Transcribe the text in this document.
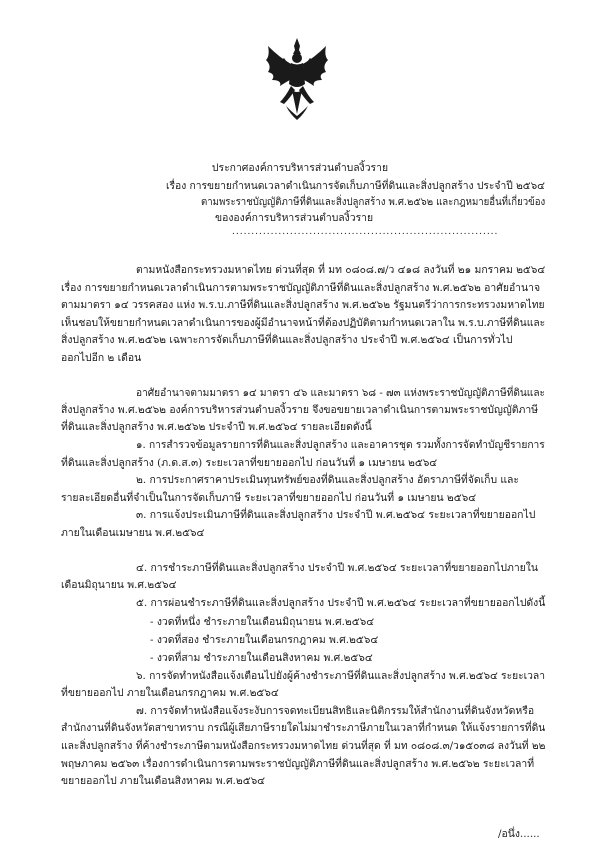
ประกาศองค์การบริหารส่วนตำบลงิ้วราย
เรื่อง การขยายกำหนดเวลาดำเนินการจัดเก็บภาษีที่ดินและสิ่งปลูกสร้าง ประจำปี ๒๕๖๔
ตามพระราชบัญญัติภาษีที่ดินและสิ่งปลูกสร้าง พ.ศ.๒๕๖๒ และกฎหมายอื่นที่เกี่ยวข้อง
ขององค์การบริหารส่วนตำบลงิ้วราย
.....................................................................
ตามหนังสือกระทรวงมหาดไทย ด่วนที่สุด ที่ มท ๐๘๐๘.๗/ว ๔๑๘ ลงวันที่ ๒๑ มกราคม ๒๕๖๔
เรื่อง การขยายกำหนดเวลาดำเนินการตามพระราชบัญญัติภาษีที่ดินและสิ่งปลูกสร้าง พ.ศ.๒๕๖๒ อาศัยอำนาจ
ตามมาตรา ๑๔ วรรคสอง แห่ง พ.ร.บ.ภาษีที่ดินและสิ่งปลูกสร้าง พ.ศ.๒๕๖๒ รัฐมนตรีว่าการกระทรวงมหาดไทย
เห็นชอบให้ขยายกำหนดเวลาดำเนินการของผู้มีอำนาจหน้าที่ต้องปฏิบัติตามกำหนดเวลาใน พ.ร.บ.ภาษีที่ดินและ
สิ่งปลูกสร้าง พ.ศ.๒๕๖๒ เฉพาะการจัดเก็บภาษีที่ดินและสิ่งปลูกสร้าง ประจำปี พ.ศ.๒๕๖๔ เป็นการทั่วไป
ออกไปอีก ๒ เดือน
อาศัยอำนาจตามมาตรา ๑๔ มาตรา ๔๖ และมาตรา ๖๘ - ๗๓ แห่งพระราชบัญญัติภาษีที่ดินและ
สิ่งปลูกสร้าง พ.ศ.๒๕๖๒ องค์การบริหารส่วนตำบลงิ้วราย จึงขอขยายเวลาดำเนินการตามพระราชบัญญัติภาษี
ที่ดินและสิ่งปลูกสร้าง พ.ศ.๒๕๖๒ ประจำปี พ.ศ.๒๕๖๔ รายละเอียดดังนี้
๑. การสำรวจข้อมูลรายการที่ดินและสิ่งปลูกสร้าง และอาคารชุด รวมทั้งการจัดทำบัญชีรายการ
ที่ดินและสิ่งปลูกสร้าง (ภ.ด.ส.๓) ระยะเวลาที่ขยายออกไป ก่อนวันที่ ๑ เมษายน ๒๕๖๔
๒. การประกาศราคาประเมินทุนทรัพย์ของที่ดินและสิ่งปลูกสร้าง อัตราภาษีที่จัดเก็บ และ
รายละเอียดอื่นที่จำเป็นในการจัดเก็บภาษี ระยะเวลาที่ขยายออกไป ก่อนวันที่ ๑ เมษายน ๒๕๖๔
๓. การแจ้งประเมินภาษีที่ดินและสิ่งปลูกสร้าง ประจำปี พ.ศ.๒๕๖๔ ระยะเวลาที่ขยายออกไป
ภายในเดือนเมษายน พ.ศ.๒๕๖๔
๔. การชำระภาษีที่ดินและสิ่งปลูกสร้าง ประจำปี พ.ศ.๒๕๖๔ ระยะเวลาที่ขยายออกไปภายใน
เดือนมิถุนายน พ.ศ.๒๕๖๔
๕. การผ่อนชำระภาษีที่ดินและสิ่งปลูกสร้าง ประจำปี พ.ศ.๒๕๖๔ ระยะเวลาที่ขยายออกไปดังนี้
- งวดที่หนึ่ง ชำระภายในเดือนมิถุนายน พ.ศ.๒๕๖๔
- งวดที่สอง ชำระภายในเดือนกรกฎาคม พ.ศ.๒๕๖๔
- งวดที่สาม ชำระภายในเดือนสิงหาคม พ.ศ.๒๕๖๔
๖. การจัดทำหนังสือแจ้งเตือนไปยังผู้ค้างชำระภาษีที่ดินและสิ่งปลูกสร้าง พ.ศ.๒๕๖๔ ระยะเวลา
ที่ขยายออกไป ภายในเดือนกรกฎาคม พ.ศ.๒๕๖๔
๗. การจัดทำหนังสือแจ้งระงับการจดทะเบียนสิทธิและนิติกรรมให้สำนักงานที่ดินจังหวัดหรือ
สำนักงานที่ดินจังหวัดสาขาทราบ กรณีผู้เสียภาษีรายใดไม่มาชำระภาษีภายในเวลาที่กำหนด ให้แจ้งรายการที่ดิน
และสิ่งปลูกสร้าง ที่ค้างชำระภาษีตามหนังสือกระทรวงมหาดไทย ด่วนที่สุด ที่ มท ๐๘๐๘.๓/ว๑๕๐๓๘ ลงวันที่ ๒๒
พฤษภาคม ๒๕๖๓ เรื่องการดำเนินการตามพระราชบัญญัติภาษีที่ดินและสิ่งปลูกสร้าง พ.ศ.๒๕๖๒ ระยะเวลาที่
ขยายออกไป ภายในเดือนสิงหาคม พ.ศ.๒๕๖๔
/อนึ่ง......
